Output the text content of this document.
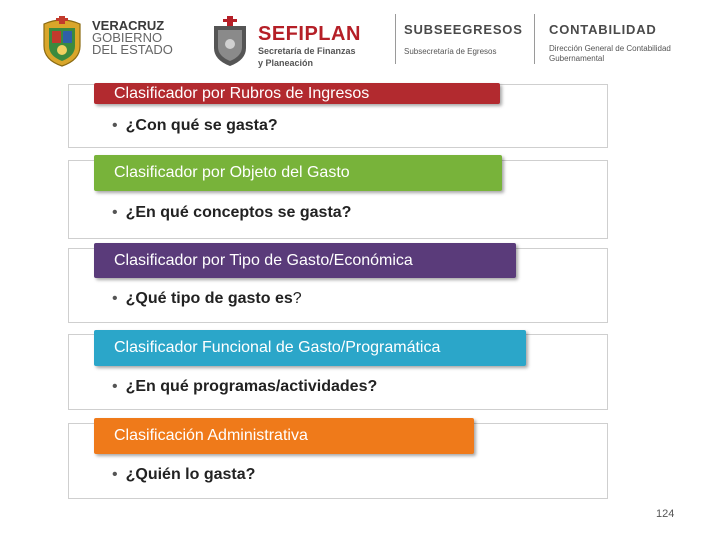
VERACRUZ
GOBIERNO
DEL ESTADO
SEFIPLAN
Secretaría de Finanzas
y Planeación
SUBSEEGRESOS
Subsecretaría de Egresos
CONTABILIDAD
Dirección General de Contabilidad
Gubernamental
Clasificador por Rubros de Ingresos
• ¿Con qué se gasta?
Clasificador por Objeto del Gasto
• ¿En qué conceptos se gasta?
Clasificador por Tipo de Gasto/Económica
• ¿Qué tipo de gasto es?
Clasificador Funcional de Gasto/Programática
• ¿En qué programas/actividades?
Clasificación Administrativa
• ¿Quién lo gasta?
124
